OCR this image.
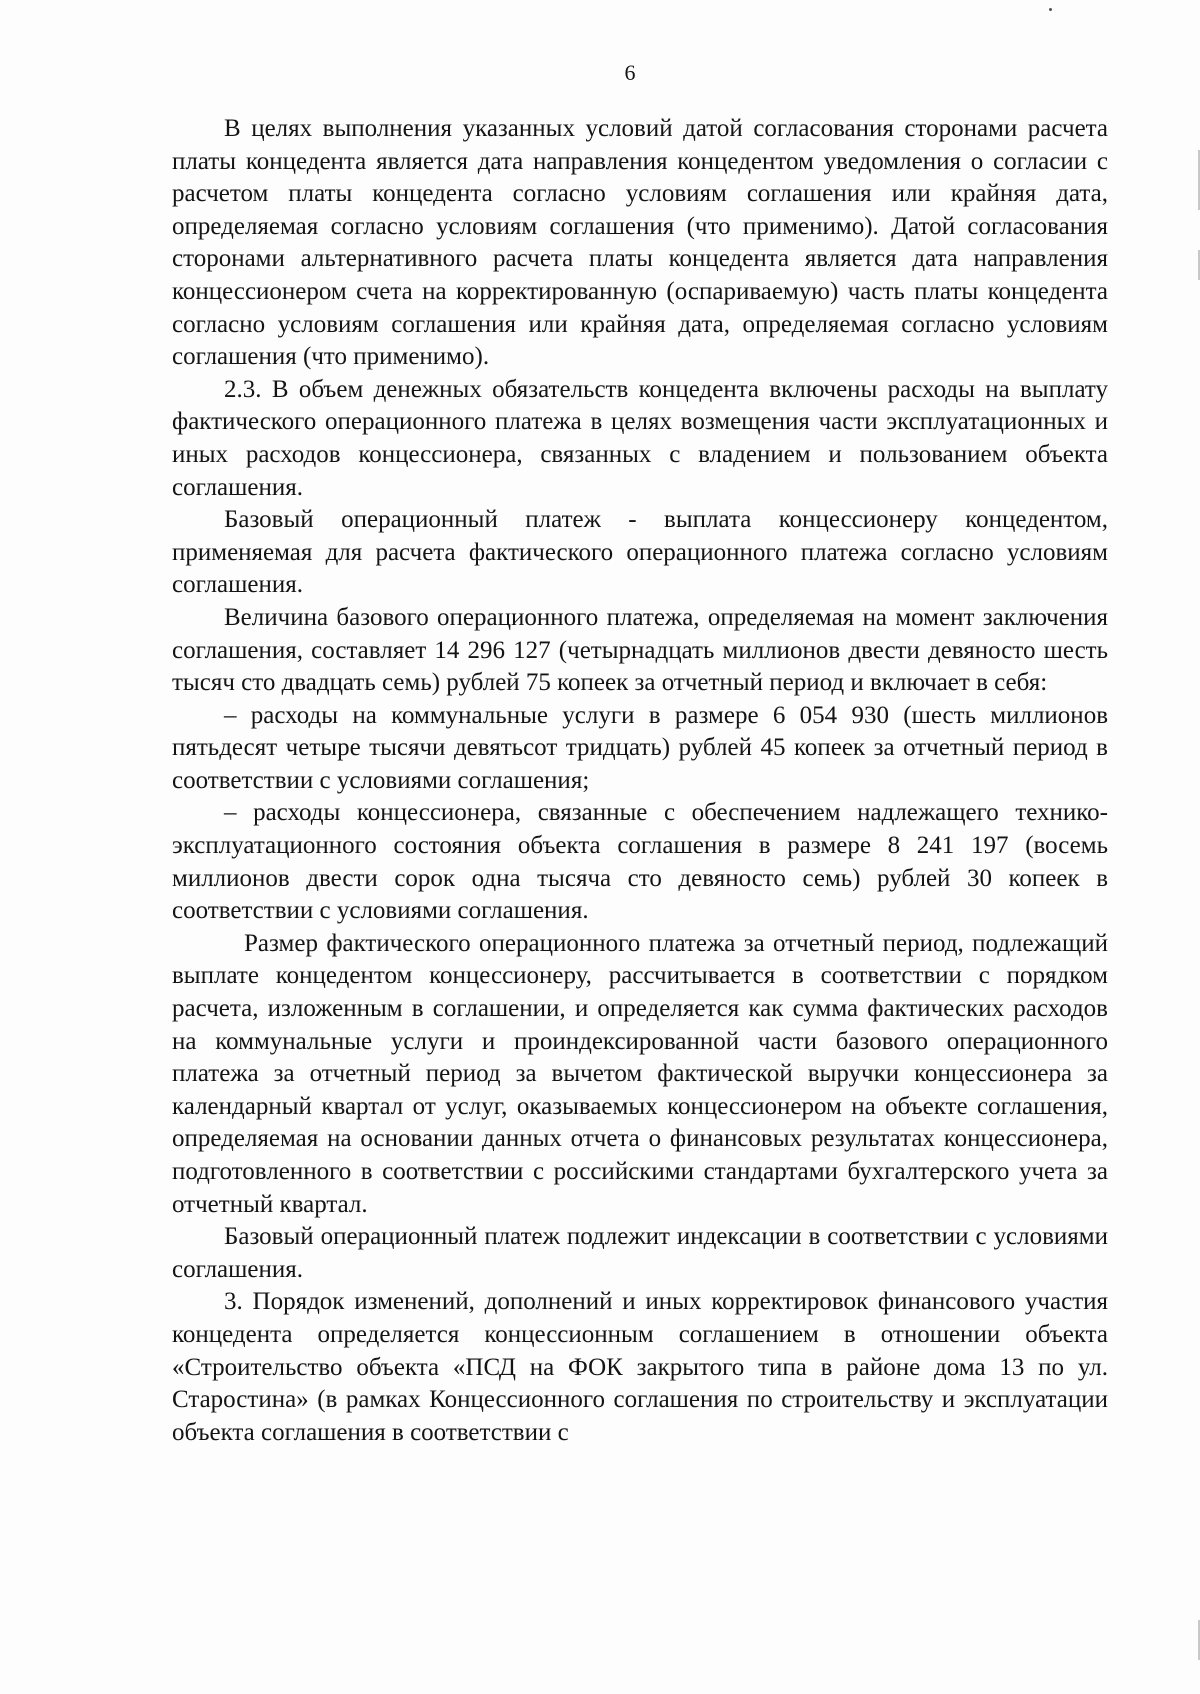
6

В целях выполнения указанных условий датой согласования сторонами расчета платы концедента является дата направления концедентом уведомления о согласии с расчетом платы концедента согласно условиям соглашения или крайняя дата, определяемая согласно условиям соглашения (что применимо). Датой согласования сторонами альтернативного расчета платы концедента является дата направления концессионером счета на корректированную (оспариваемую) часть платы концедента согласно условиям соглашения или крайняя дата, определяемая согласно условиям соглашения (что применимо).

2.3. В объем денежных обязательств концедента включены расходы на выплату фактического операционного платежа в целях возмещения части эксплуатационных и иных расходов концессионера, связанных с владением и пользованием объекта соглашения.

Базовый операционный платеж - выплата концессионеру концедентом, применяемая для расчета фактического операционного платежа согласно условиям соглашения.

Величина базового операционного платежа, определяемая на момент заключения соглашения, составляет 14 296 127 (четырнадцать миллионов двести девяносто шесть тысяч сто двадцать семь) рублей 75 копеек за отчетный период и включает в себя:

– расходы на коммунальные услуги в размере 6 054 930 (шесть миллионов пятьдесят четыре тысячи девятьсот тридцать) рублей 45 копеек за отчетный период в соответствии с условиями соглашения;

– расходы концессионера, связанные с обеспечением надлежащего технико-эксплуатационного состояния объекта соглашения в размере 8 241 197 (восемь миллионов двести сорок одна тысяча сто девяносто семь) рублей 30 копеек в соответствии с условиями соглашения.

Размер фактического операционного платежа за отчетный период, подлежащий выплате концедентом концессионеру, рассчитывается в соответствии с порядком расчета, изложенным в соглашении, и определяется как сумма фактических расходов на коммунальные услуги и проиндексированной части базового операционного платежа за отчетный период за вычетом фактической выручки концессионера за календарный квартал от услуг, оказываемых концессионером на объекте соглашения, определяемая на основании данных отчета о финансовых результатах концессионера, подготовленного в соответствии с российскими стандартами бухгалтерского учета за отчетный квартал.

Базовый операционный платеж подлежит индексации в соответствии с условиями соглашения.

3. Порядок изменений, дополнений и иных корректировок финансового участия концедента определяется концессионным соглашением в отношении объекта «Строительство объекта «ПСД на ФОК закрытого типа в районе дома 13 по ул. Старостина» (в рамках Концессионного соглашения по строительству и эксплуатации объекта соглашения в соответствии с
